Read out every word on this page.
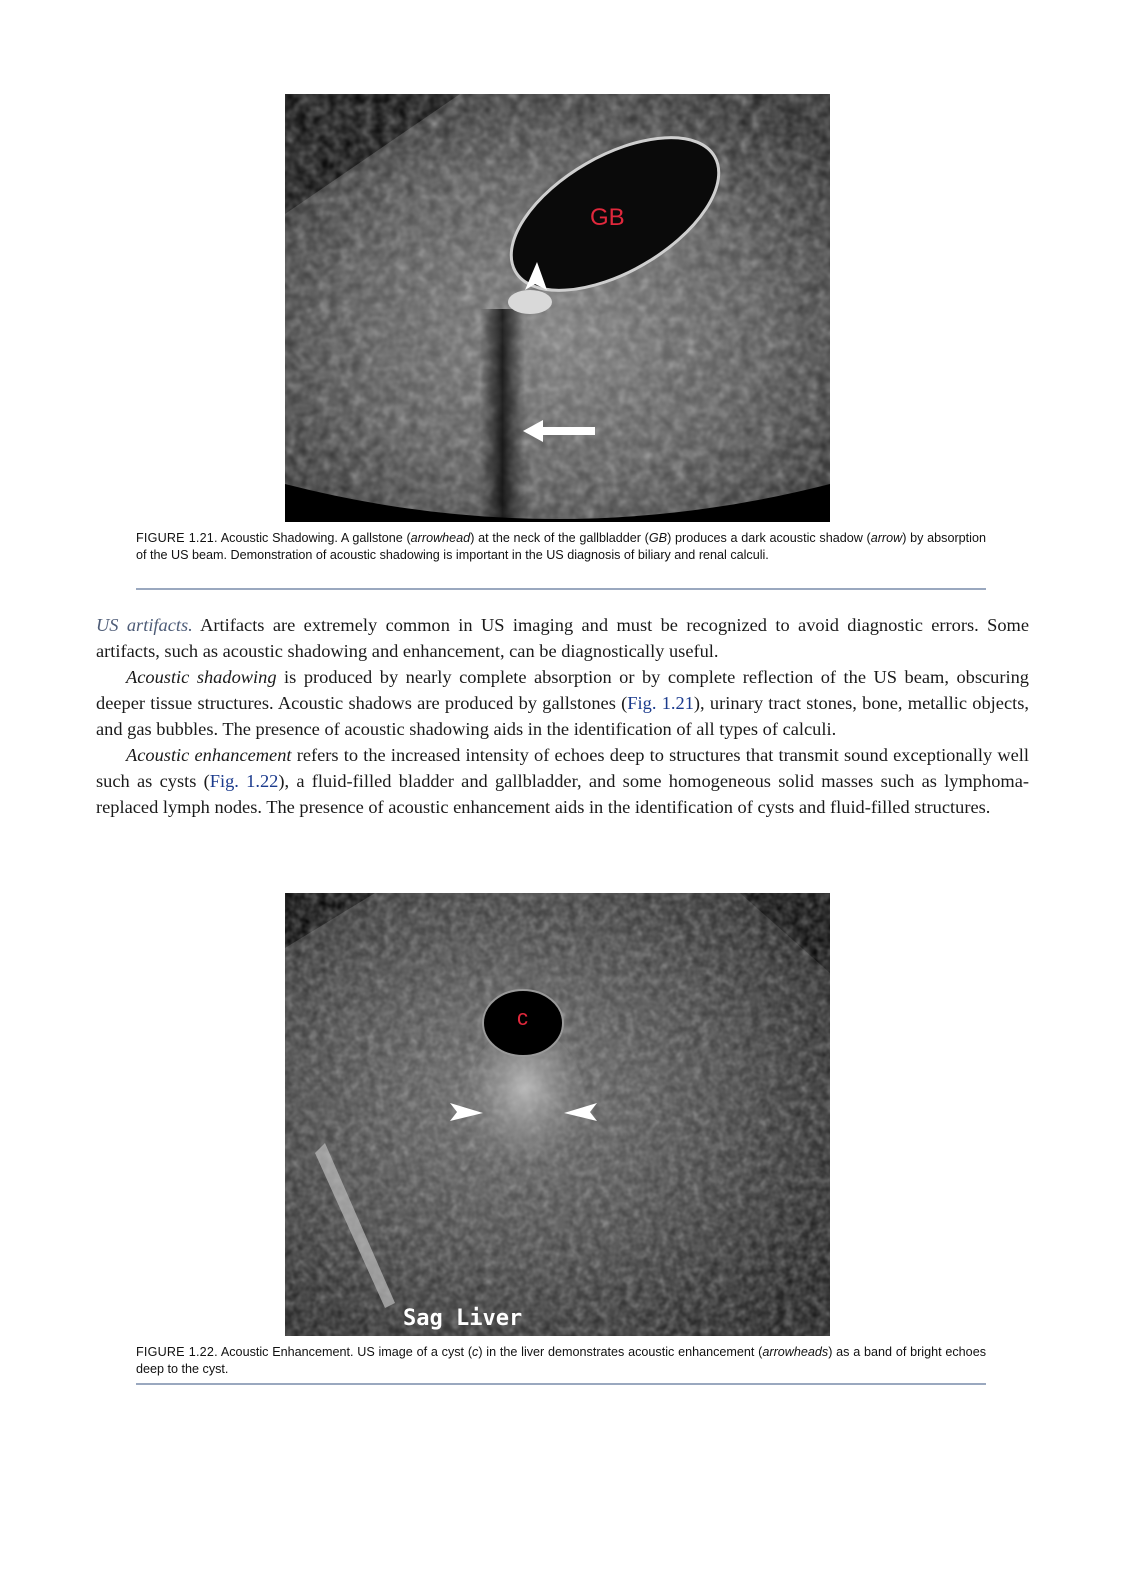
GB
FIGURE 1.21. Acoustic Shadowing. A gallstone (arrowhead) at the neck of the gallbladder (GB) produces a dark acoustic shadow (arrow) by absorption of the US beam. Demonstration of acoustic shadowing is important in the US diagnosis of biliary and renal calculi.

US artifacts. Artifacts are extremely common in US imaging and must be recognized to avoid diagnostic errors. Some artifacts, such as acoustic shadowing and enhancement, can be diagnostically useful.

Acoustic shadowing is produced by nearly complete absorption or by complete reflection of the US beam, obscuring deeper tissue structures. Acoustic shadows are produced by gallstones (Fig. 1.21), urinary tract stones, bone, metallic objects, and gas bubbles. The presence of acoustic shadowing aids in the identification of all types of calculi.

Acoustic enhancement refers to the increased intensity of echoes deep to structures that transmit sound exceptionally well such as cysts (Fig. 1.22), a fluid-filled bladder and gallbladder, and some homogeneous solid masses such as lymphoma-replaced lymph nodes. The presence of acoustic enhancement aids in the identification of cysts and fluid-filled structures.

c
Sag Liver
FIGURE 1.22. Acoustic Enhancement. US image of a cyst (c) in the liver demonstrates acoustic enhancement (arrowheads) as a band of bright echoes deep to the cyst.
